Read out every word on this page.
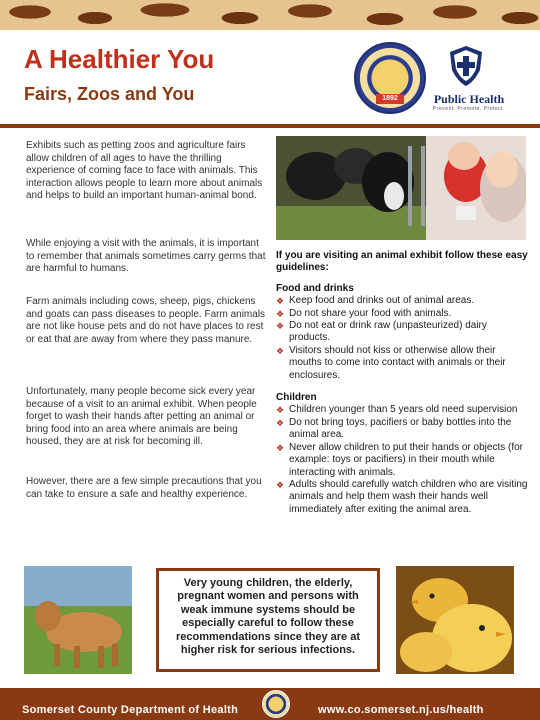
A Healthier You
Fairs, Zoos and You	1892	Public Health
Prevent. Promote. Protect.

Exhibits such as petting zoos and agriculture fairs allow children of all ages to have the thrilling experience of coming face to face with animals. This interaction allows people to learn more about animals and helps to build an important human-animal bond.

While enjoying a visit with the animals, it is important to remember that animals sometimes carry germs that are harmful to humans.

Farm animals including cows, sheep, pigs, chickens and goats can pass diseases to people. Farm animals are not like house pets and do not have places to rest or eat that are away from where they pass manure.

Unfortunately, many people become sick every year because of a visit to an animal exhibit. When people forget to wash their hands after petting an animal or bring food into an area where animals are being housed, they are at risk for becoming ill.

However, there are a few simple precautions that you can take to ensure a safe and healthy experience.

If you are visiting an animal exhibit follow these easy guidelines:
Food and drinks
❖ Keep food and drinks out of animal areas.
❖ Do not share your food with animals.
❖ Do not eat or drink raw (unpasteurized) dairy products.
❖ Visitors should not kiss or otherwise allow their mouths to come into contact with animals or their enclosures.
Children
❖ Children younger than 5 years old need supervision
❖ Do not bring toys, pacifiers or baby bottles into the animal area.
❖ Never allow children to put their hands or objects (for example: toys or pacifiers) in their mouth while interacting with animals.
❖ Adults should carefully watch children who are visiting animals and help them wash their hands well immediately after exiting the animal area.
Very young children, the elderly, pregnant women and persons with weak immune systems should be especially careful to follow these recommendations since they are at higher risk for serious infections.
Somerset County Department of Health	www.co.somerset.nj.us/health
